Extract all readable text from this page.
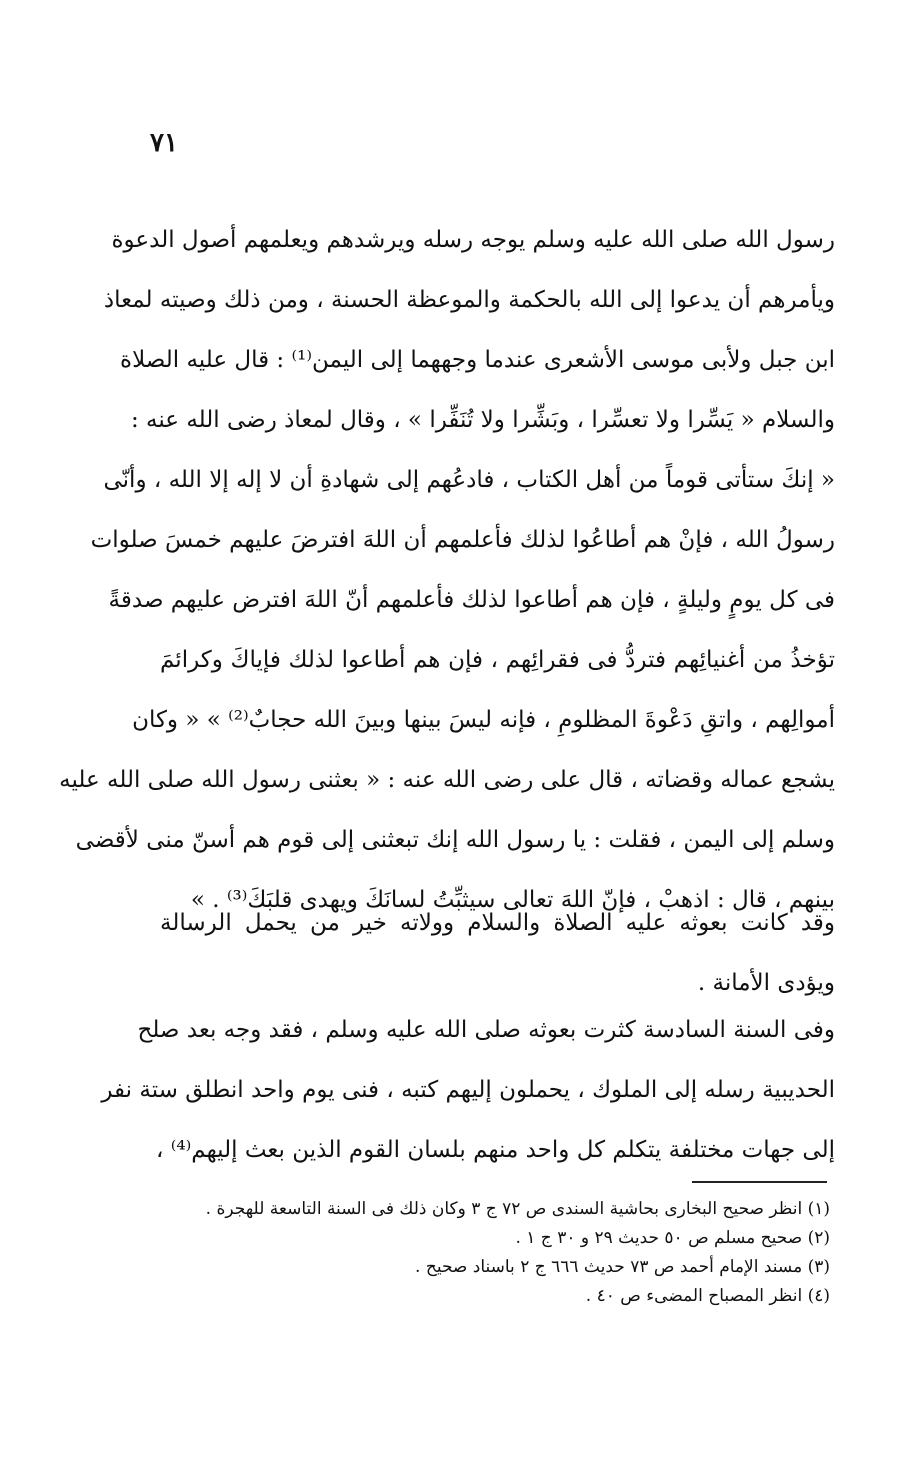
٧١
رسول الله صلى الله عليه وسلم يوجه رسله ويرشدهم ويعلمهم أصول الدعوة
ويأمرهم أن يدعوا إلى الله بالحكمة والموعظة الحسنة ، ومن ذلك وصيته لمعاذ
ابن جبل ولأبى موسى الأشعرى عندما وجههما إلى اليمن⁽¹⁾ : قال عليه الصلاة
والسلام « يَسِّرا ولا تعسِّرا ، وبَشِّرا ولا تُنَفِّرا » ، وقال لمعاذ رضى الله عنه :
« إنكَ ستأتى قوماً من أهل الكتاب ، فادعُهم إلى شهادةِ أن لا إله إلا الله ، وأنّى
رسولُ الله ، فإنْ هم أطاعُوا لذلك فأعلمهم أن اللهَ افترضَ عليهم خمسَ صلوات
فى كل يومٍ وليلةٍ ، فإن هم أطاعوا لذلك فأعلمهم أنّ اللهَ افترض عليهم صدقةً
تؤخذُ من أغنيائِهم فتردُّ فى فقرائِهم ، فإن هم أطاعوا لذلك فإياكَ وكرائمَ
أموالِهم ، واتقِ دَعْوةَ المظلومِ ، فإنه ليسَ بينها وبينَ الله حجابٌ⁽²⁾ » « وكان
يشجع عماله وقضاته ، قال على رضى الله عنه : « بعثنى رسول الله صلى الله عليه
وسلم إلى اليمن ، فقلت : يا رسول الله إنك تبعثنى إلى قوم هم أسنّ منى لأقضى
بينهم ، قال : اذهبْ ، فإنّ اللهَ تعالى سيثبِّتُ لسانَكَ ويهدى قلبَكَ⁽³⁾ . »
وقد كانت بعوثه عليه الصلاة والسلام وولاته خير من يحمل الرسالة
ويؤدى الأمانة .
وفى السنة السادسة كثرت بعوثه صلى الله عليه وسلم ، فقد وجه بعد صلح
الحديبية رسله إلى الملوك ، يحملون إليهم كتبه ، فنى يوم واحد انطلق ستة نفر
إلى جهات مختلفة يتكلم كل واحد منهم بلسان القوم الذين بعث إليهم⁽⁴⁾ ،
(١) انظر صحيح البخارى بحاشية السندى ص ٧٢ ج ٣ وكان ذلك فى السنة التاسعة للهجرة .
(٢) صحيح مسلم ص ٥٠ حديث ٢٩ و ٣٠ ج ١ .
(٣) مسند الإمام أحمد ص ٧٣ حديث ٦٦٦ ج ٢ باسناد صحيح .
(٤) انظر المصباح المضىء ص ٤٠ .
